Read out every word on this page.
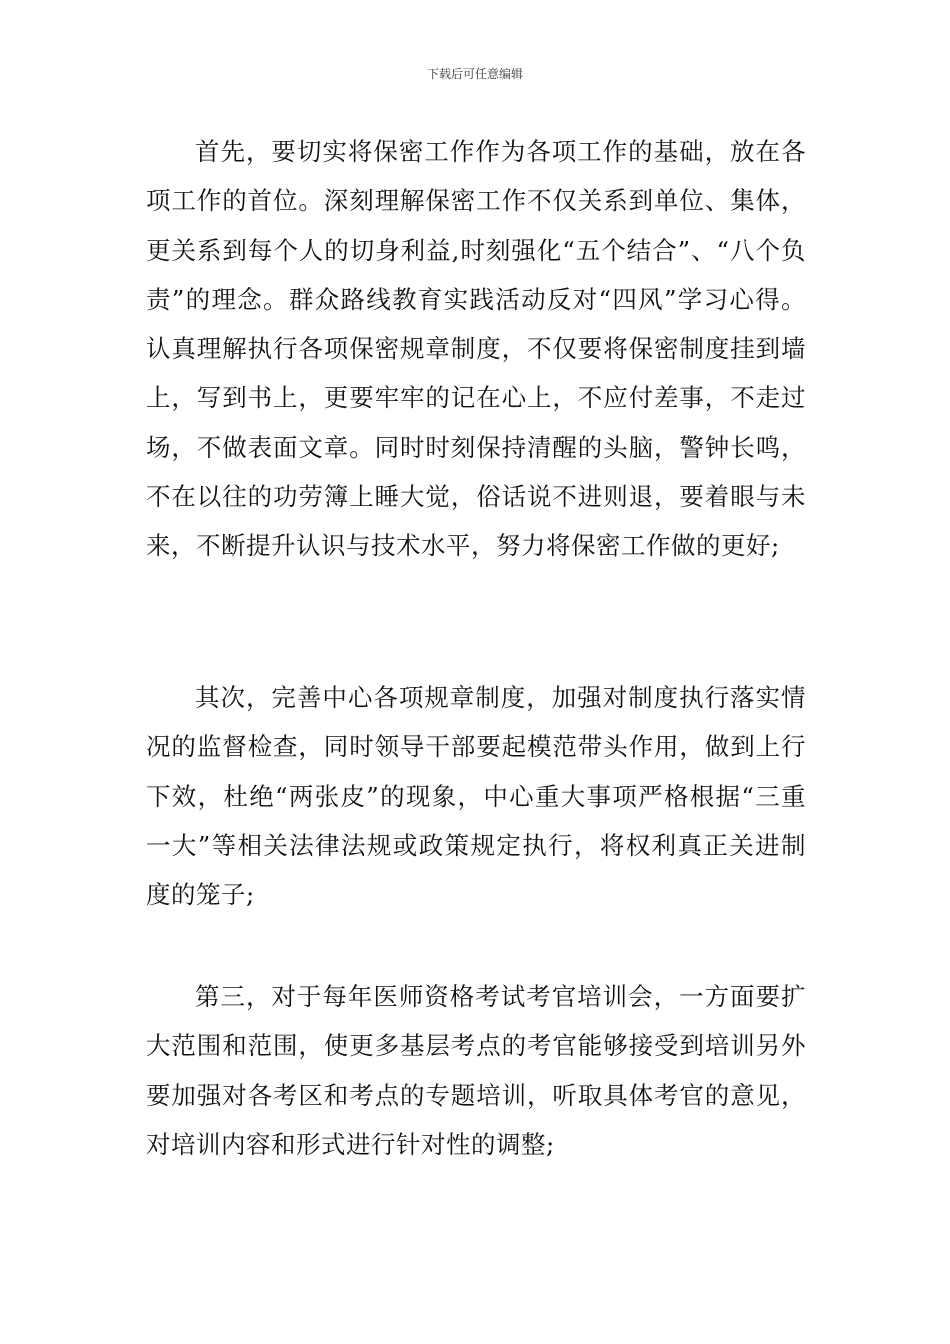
下载后可任意编辑

首先，要切实将保密工作作为各项工作的基础，放在各项工作的首位。深刻理解保密工作不仅关系到单位、集体，更关系到每个人的切身利益,时刻强化“五个结合”、“八个负责”的理念。群众路线教育实践活动反对“四风”学习心得。认真理解执行各项保密规章制度，不仅要将保密制度挂到墙上，写到书上，更要牢牢的记在心上，不应付差事，不走过场，不做表面文章。同时时刻保持清醒的头脑，警钟长鸣，不在以往的功劳簿上睡大觉，俗话说不进则退，要着眼与未来，不断提升认识与技术水平，努力将保密工作做的更好;

其次，完善中心各项规章制度，加强对制度执行落实情况的监督检查，同时领导干部要起模范带头作用，做到上行下效，杜绝“两张皮”的现象，中心重大事项严格根据“三重一大”等相关法律法规或政策规定执行，将权利真正关进制度的笼子;

第三，对于每年医师资格考试考官培训会，一方面要扩大范围和范围，使更多基层考点的考官能够接受到培训另外要加强对各考区和考点的专题培训，听取具体考官的意见，对培训内容和形式进行针对性的调整;
